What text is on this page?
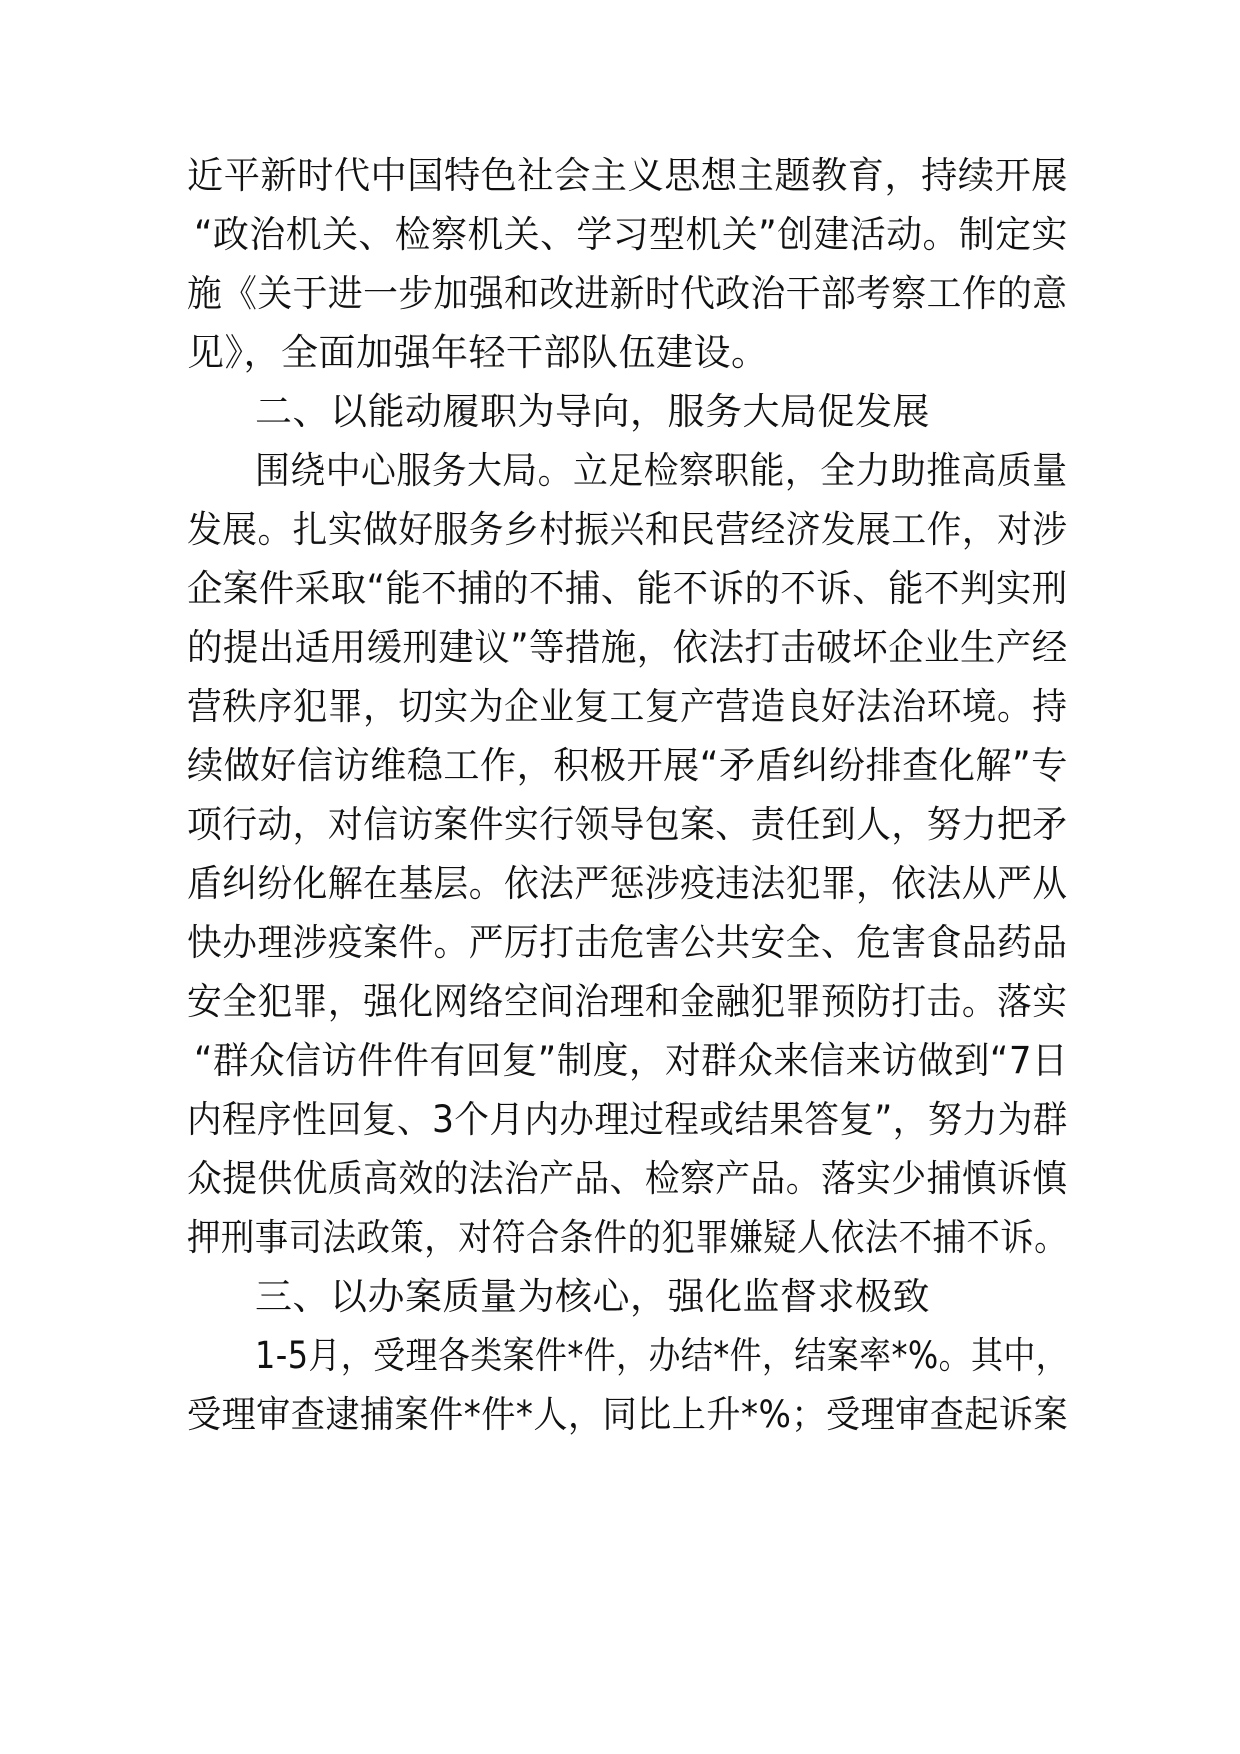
近平新时代中国特色社会主义思想主题教育，持续开展
“政治机关、检察机关、学习型机关”创建活动。制定实
施《关于进一步加强和改进新时代政治干部考察工作的意
见》，全面加强年轻干部队伍建设。
二、以能动履职为导向，服务大局促发展
围绕中心服务大局。立足检察职能，全力助推高质量
发展。扎实做好服务乡村振兴和民营经济发展工作，对涉
企案件采取“能不捕的不捕、能不诉的不诉、能不判实刑
的提出适用缓刑建议”等措施，依法打击破坏企业生产经
营秩序犯罪，切实为企业复工复产营造良好法治环境。持
续做好信访维稳工作，积极开展“矛盾纠纷排查化解”专
项行动，对信访案件实行领导包案、责任到人，努力把矛
盾纠纷化解在基层。依法严惩涉疫违法犯罪，依法从严从
快办理涉疫案件。严厉打击危害公共安全、危害食品药品
安全犯罪，强化网络空间治理和金融犯罪预防打击。落实
“群众信访件件有回复”制度，对群众来信来访做到“7日
内程序性回复、3个月内办理过程或结果答复”，努力为群
众提供优质高效的法治产品、检察产品。落实少捕慎诉慎
押刑事司法政策，对符合条件的犯罪嫌疑人依法不捕不诉。
三、以办案质量为核心，强化监督求极致
1-5月，受理各类案件*件，办结*件，结案率*%。其中，
受理审查逮捕案件*件*人，同比上升*%；受理审查起诉案
